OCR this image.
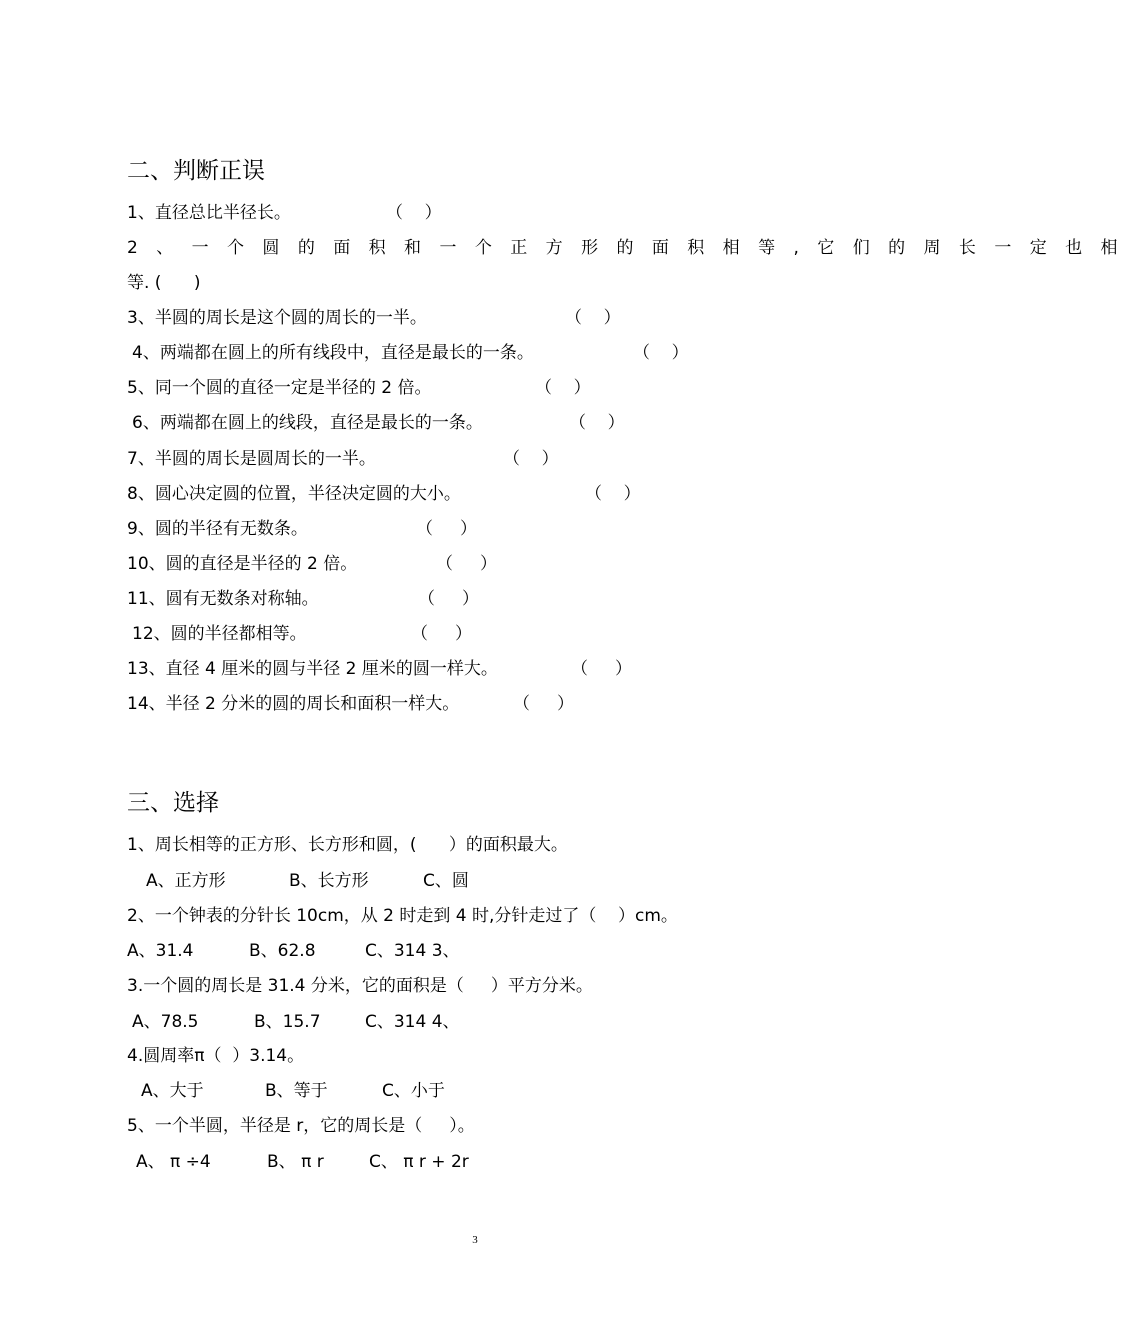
二、判断正误
1、直径总比半径长。	（    ）
2 、 一 个 圆 的 面 积 和 一 个 正 方 形 的 面 积 相 等 , 它 们 的 周 长 一 定 也 相
等. (      )
3、半圆的周长是这个圆的周长的一半。	（    ）
4、两端都在圆上的所有线段中，直径是最长的一条。	（    ）
5、同一个圆的直径一定是半径的 2 倍。	（    ）
6、两端都在圆上的线段，直径是最长的一条。	（    ）
7、半圆的周长是圆周长的一半。	（    ）
8、圆心决定圆的位置，半径决定圆的大小。	（    ）
9、圆的半径有无数条。	（     ）
10、圆的直径是半径的 2 倍。	（     ）
11、圆有无数条对称轴。	（     ）
12、圆的半径都相等。	（     ）
13、直径 4 厘米的圆与半径 2 厘米的圆一样大。	（     ）
14、半径 2 分米的圆的周长和面积一样大。	（     ）
三、选择
1、周长相等的正方形、长方形和圆，(      ）的面积最大。
A、正方形	B、长方形	C、圆
2、一个钟表的分针长 10cm，从 2 时走到 4 时,分针走过了（    ）cm。
A、31.4	B、62.8	C、314 3、
3.一个圆的周长是 31.4 分米，它的面积是（     ）平方分米。
A、78.5	B、15.7	C、314 4、
4.圆周率π（  ）3.14。
A、大于	B、等于	C、小于
5、一个半圆，半径是 r，它的周长是（     ）。
A、 π ÷4	B、 π r	C、 π r + 2r
3
